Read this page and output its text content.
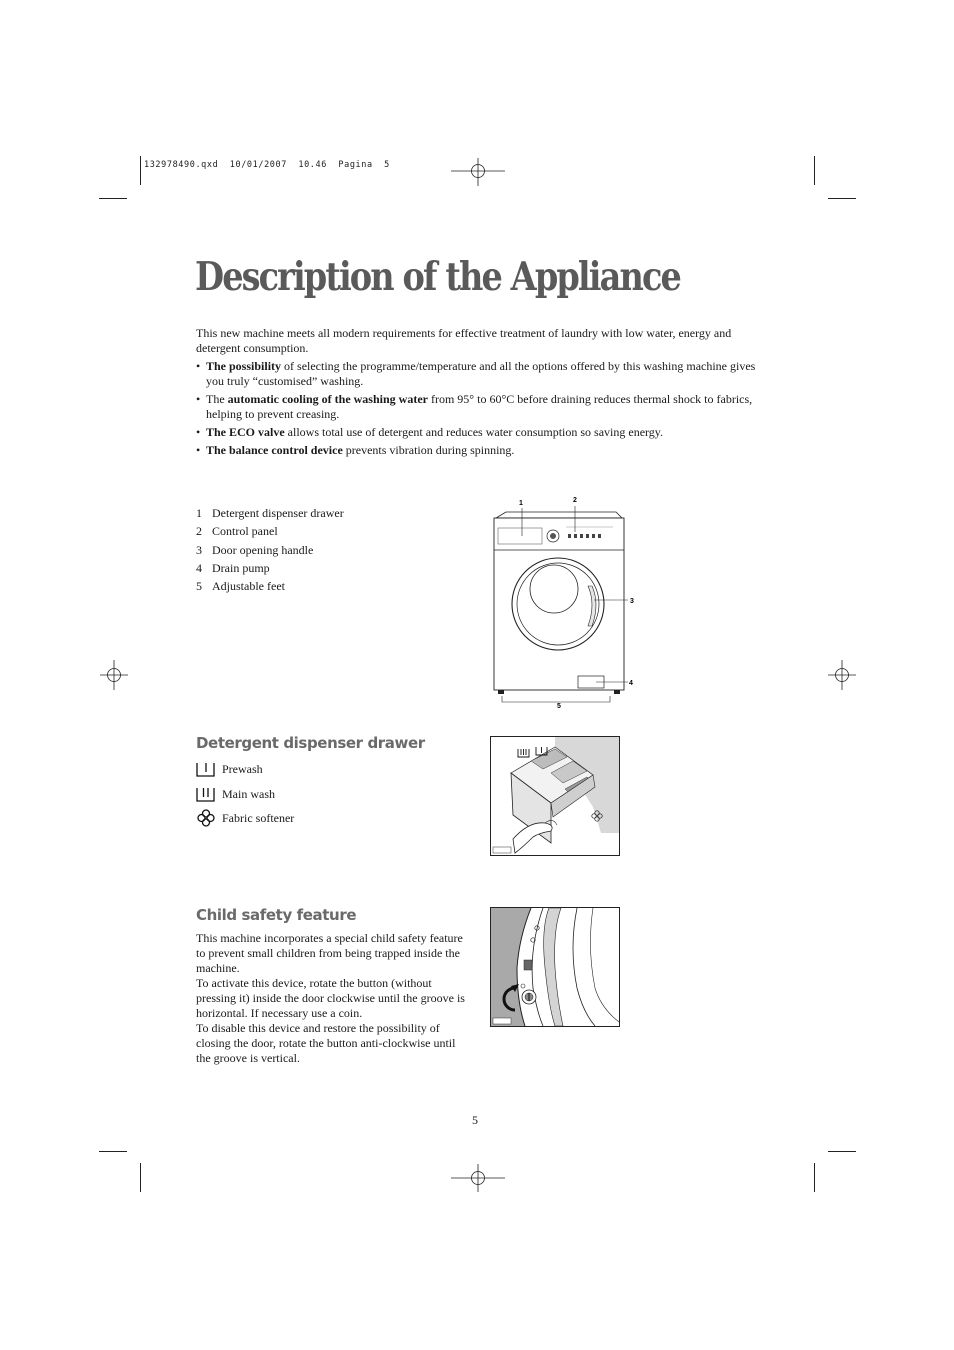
132978490.qxd  10/01/2007  10.46  Pagina  5
Description of the Appliance
This new machine meets all modern requirements for effective treatment of laundry with low water, energy and detergent consumption.
• The possibility of selecting the programme/temperature and all the options offered by this washing machine gives you truly “customised” washing.
• The automatic cooling of the washing water from 95° to 60°C before draining reduces thermal shock to fabrics, helping to prevent creasing.
• The ECO valve allows total use of detergent and reduces water consumption so saving energy.
• The balance control device prevents vibration during spinning.
1 Detergent dispenser drawer
2 Control panel
3 Door opening handle
4 Drain pump
5 Adjustable feet
1	2
3
4
5
Detergent dispenser drawer
Prewash
Main wash
Fabric softener
Child safety feature
This machine incorporates a special child safety feature to prevent small children from being trapped inside the machine.
To activate this device, rotate the button (without pressing it) inside the door clockwise until the groove is horizontal. If necessary use a coin.
To disable this device and restore the possibility of closing the door, rotate the button anti-clockwise until the groove is vertical.
5
